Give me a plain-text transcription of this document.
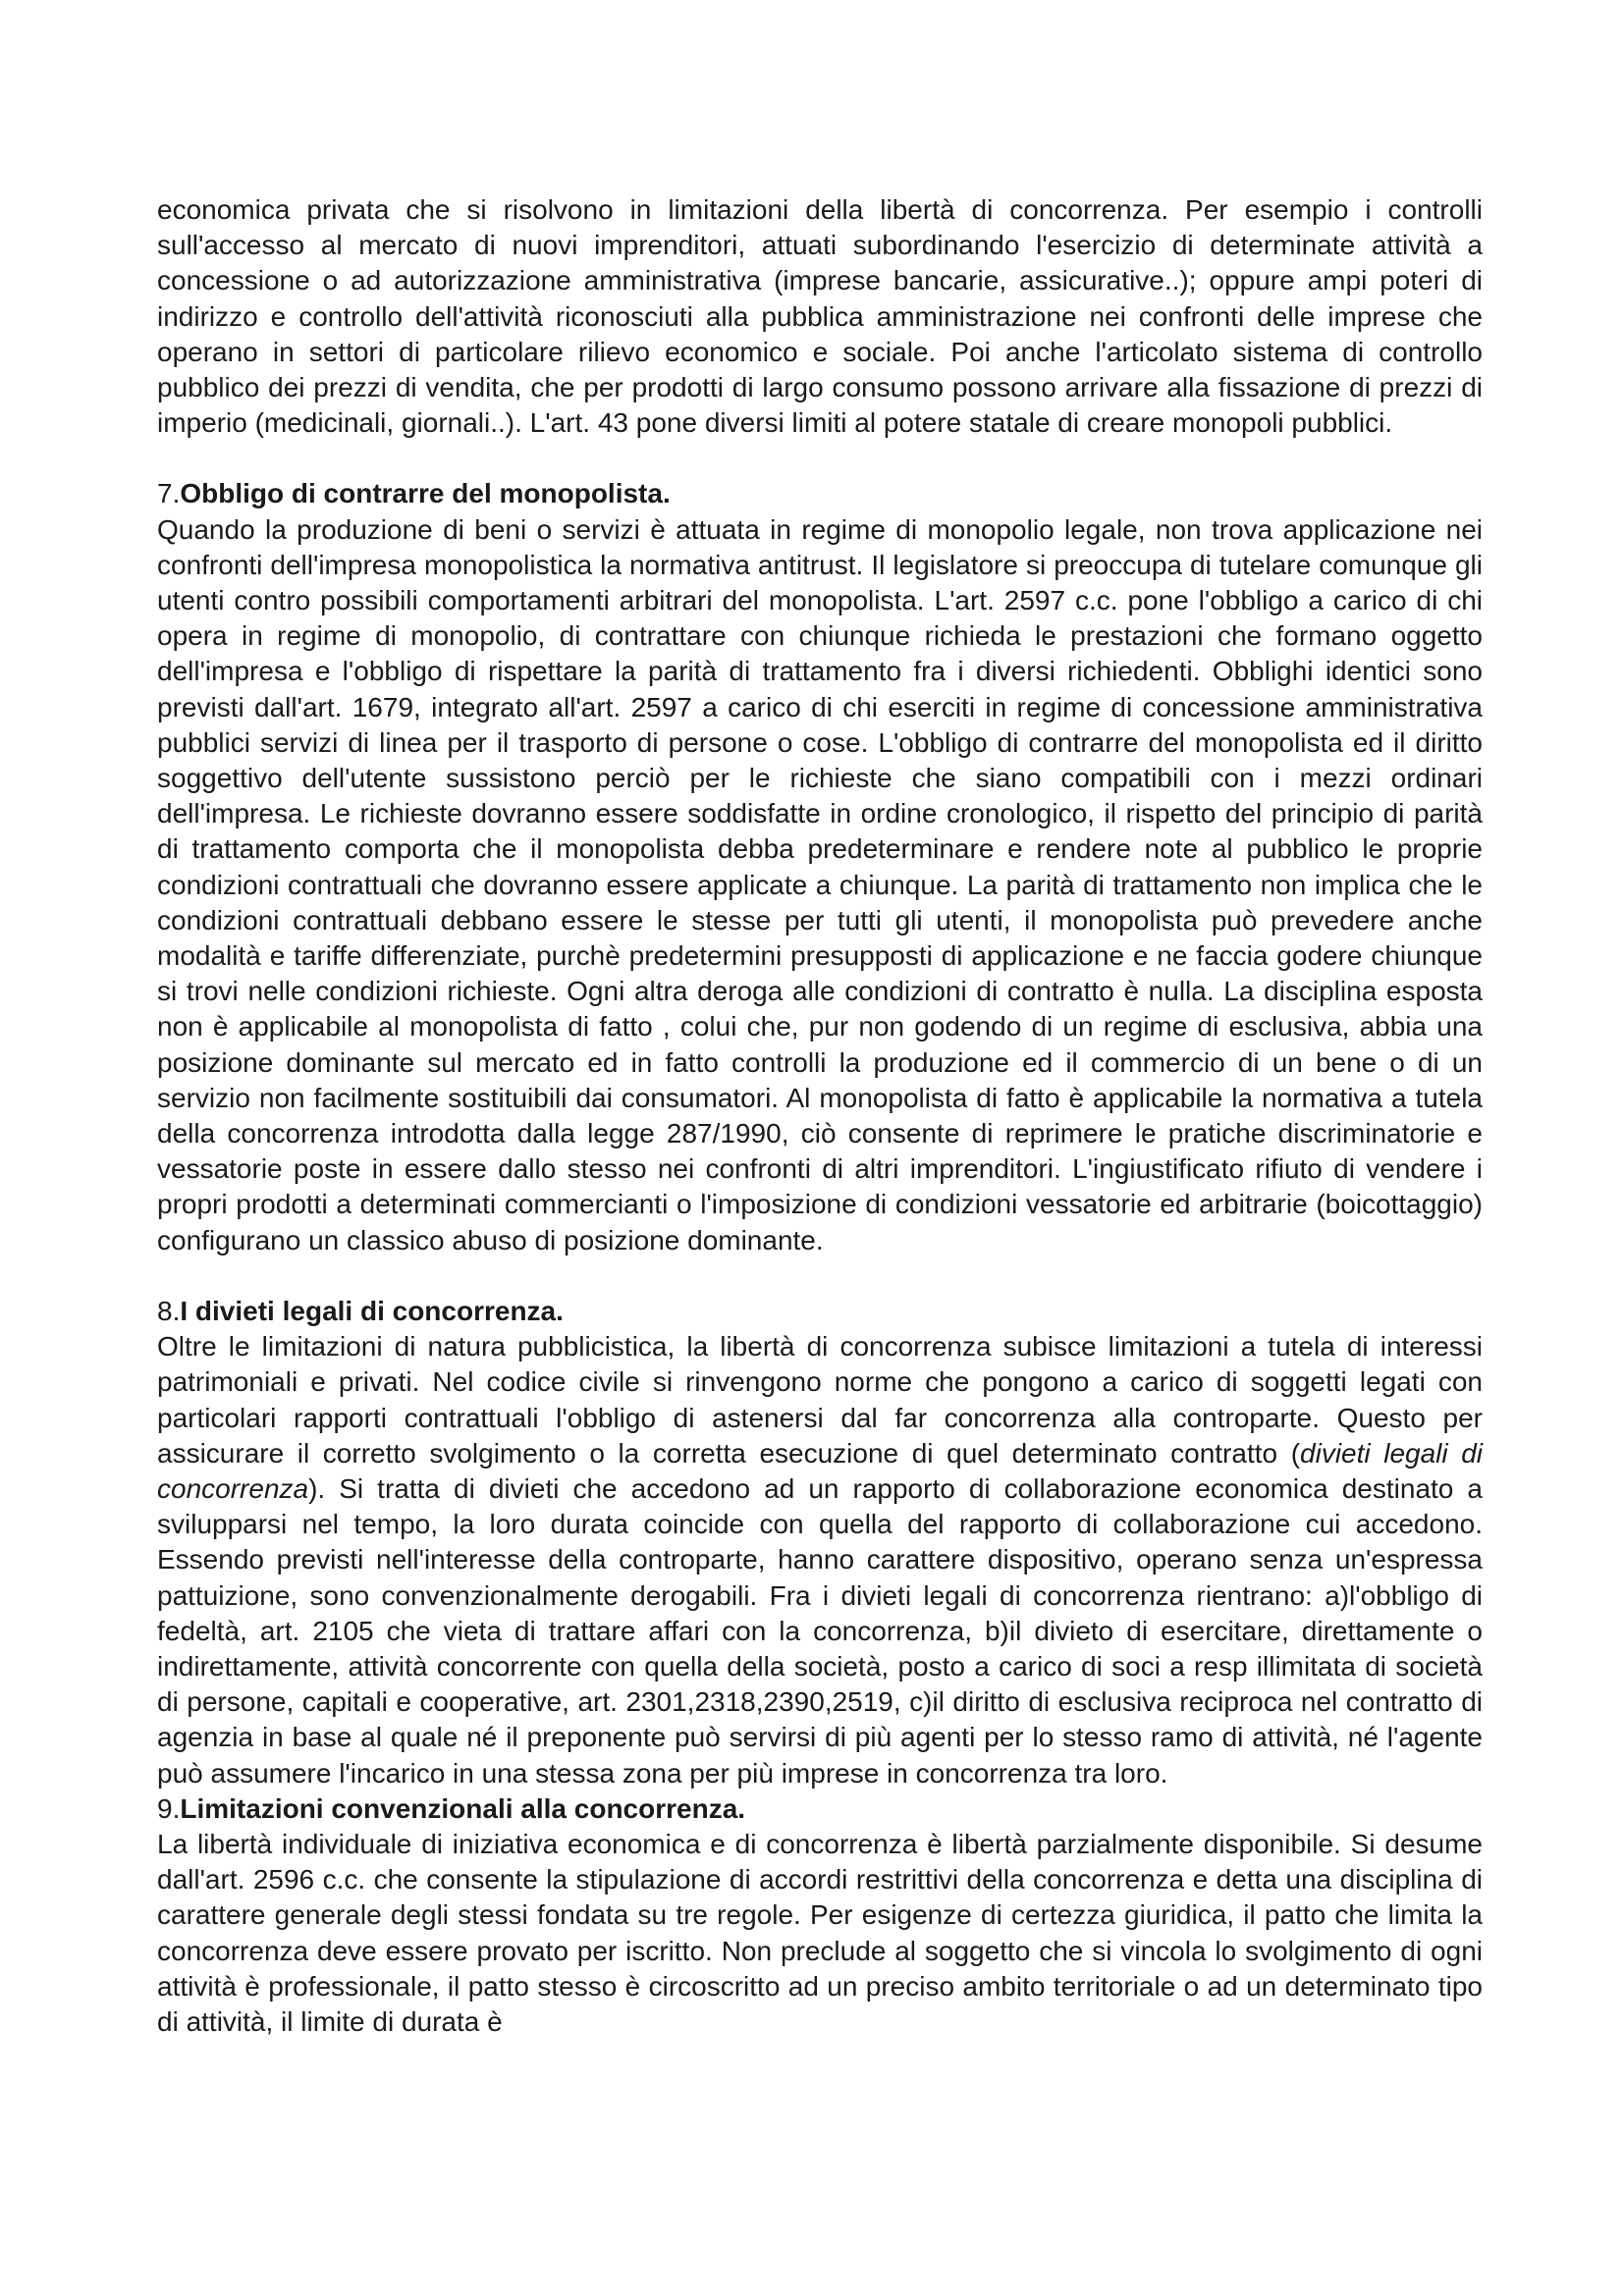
economica privata che si risolvono in limitazioni della libertà di concorrenza. Per esempio i controlli sull'accesso al mercato di nuovi imprenditori, attuati subordinando l'esercizio di determinate attività a concessione o ad autorizzazione amministrativa (imprese bancarie, assicurative..); oppure ampi poteri di indirizzo e controllo dell'attività riconosciuti alla pubblica amministrazione nei confronti delle imprese che operano in settori di particolare rilievo economico e sociale. Poi anche l'articolato sistema di controllo pubblico dei prezzi di vendita, che per prodotti di largo consumo possono arrivare alla fissazione di prezzi di imperio (medicinali, giornali..). L'art. 43 pone diversi limiti al potere statale di creare monopoli pubblici.

7.Obbligo di contrarre del monopolista.

Quando la produzione di beni o servizi è attuata in regime di monopolio legale, non trova applicazione nei confronti dell'impresa monopolistica la normativa antitrust. Il legislatore si preoccupa di tutelare comunque gli utenti contro possibili comportamenti arbitrari del monopolista. L'art. 2597 c.c. pone l'obbligo a carico di chi opera in regime di monopolio, di contrattare con chiunque richieda le prestazioni che formano oggetto dell'impresa e l'obbligo di rispettare la parità di trattamento fra i diversi richiedenti. Obblighi identici sono previsti dall'art. 1679, integrato all'art. 2597 a carico di chi eserciti in regime di concessione amministrativa pubblici servizi di linea per il trasporto di persone o cose. L'obbligo di contrarre del monopolista ed il diritto soggettivo dell'utente sussistono perciò per le richieste che siano compatibili con i mezzi ordinari dell'impresa. Le richieste dovranno essere soddisfatte in ordine cronologico, il rispetto del principio di parità di trattamento comporta che il monopolista debba predeterminare e rendere note al pubblico le proprie condizioni contrattuali che dovranno essere applicate a chiunque. La parità di trattamento non implica che le condizioni contrattuali debbano essere le stesse per tutti gli utenti, il monopolista può prevedere anche modalità e tariffe differenziate, purchè predetermini presupposti di applicazione e ne faccia godere chiunque si trovi nelle condizioni richieste. Ogni altra deroga alle condizioni di contratto è nulla. La disciplina esposta non è applicabile al monopolista di fatto , colui che, pur non godendo di un regime di esclusiva, abbia una posizione dominante sul mercato ed in fatto controlli la produzione ed il commercio di un bene o di un servizio non facilmente sostituibili dai consumatori. Al monopolista di fatto è applicabile la normativa a tutela della concorrenza introdotta dalla legge 287/1990, ciò consente di reprimere le pratiche discriminatorie e vessatorie poste in essere dallo stesso nei confronti di altri imprenditori. L'ingiustificato rifiuto di vendere i propri prodotti a determinati commercianti o l'imposizione di condizioni vessatorie ed arbitrarie (boicottaggio) configurano un classico abuso di posizione dominante.

8.I divieti legali di concorrenza.

Oltre le limitazioni di natura pubblicistica, la libertà di concorrenza subisce limitazioni a tutela di interessi patrimoniali e privati. Nel codice civile si rinvengono norme che pongono a carico di soggetti legati con particolari rapporti contrattuali l'obbligo di astenersi dal far concorrenza alla controparte. Questo per assicurare il corretto svolgimento o la corretta esecuzione di quel determinato contratto (divieti legali di concorrenza). Si tratta di divieti che accedono ad un rapporto di collaborazione economica destinato a svilupparsi nel tempo, la loro durata coincide con quella del rapporto di collaborazione cui accedono. Essendo previsti nell'interesse della controparte, hanno carattere dispositivo, operano senza un'espressa pattuizione, sono convenzionalmente derogabili. Fra i divieti legali di concorrenza rientrano: a)l'obbligo di fedeltà, art. 2105 che vieta di trattare affari con la concorrenza, b)il divieto di esercitare, direttamente o indirettamente, attività concorrente con quella della società, posto a carico di soci a resp illimitata di società di persone, capitali e cooperative, art. 2301,2318,2390,2519, c)il diritto di esclusiva reciproca nel contratto di agenzia in base al quale né il preponente può servirsi di più agenti per lo stesso ramo di attività, né l'agente può assumere l'incarico in una stessa zona per più imprese in concorrenza tra loro.

9.Limitazioni convenzionali alla concorrenza.

La libertà individuale di iniziativa economica e di concorrenza è libertà parzialmente disponibile. Si desume dall'art. 2596 c.c. che consente la stipulazione di accordi restrittivi della concorrenza e detta una disciplina di carattere generale degli stessi fondata su tre regole. Per esigenze di certezza giuridica, il patto che limita la concorrenza deve essere provato per iscritto. Non preclude al soggetto che si vincola lo svolgimento di ogni attività è professionale, il patto stesso è circoscritto ad un preciso ambito territoriale o ad un determinato tipo di attività, il limite di durata è
